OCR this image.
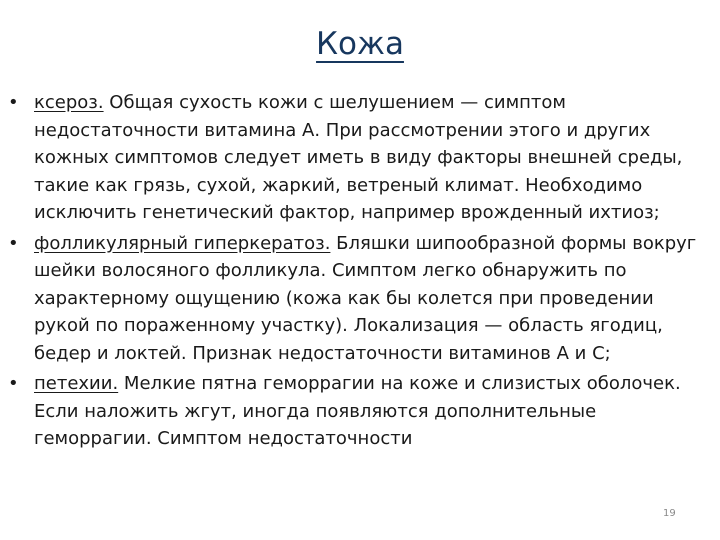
Кожа
• ксероз. Общая сухость кожи с шелушением — симптом недостаточности витамина А. При рассмотрении этого и других кожных симптомов следует иметь в виду факторы внешней среды, такие как грязь, сухой, жаркий, ветреный климат. Необходимо исключить генетический фактор, например врожденный ихтиоз;
• фолликулярный гиперкератоз. Бляшки шипообразной формы вокруг шейки волосяного фолликула. Симптом легко обнаружить по характерному ощущению (кожа как бы колется при проведении рукой по пораженному участку). Локализация — область ягодиц, бедер и локтей. Признак недостаточности витаминов А и С;
• петехии. Мелкие пятна геморрагии на коже и слизистых оболочек. Если наложить жгут, иногда появляются дополнительные геморрагии. Симптом недостаточности
19
